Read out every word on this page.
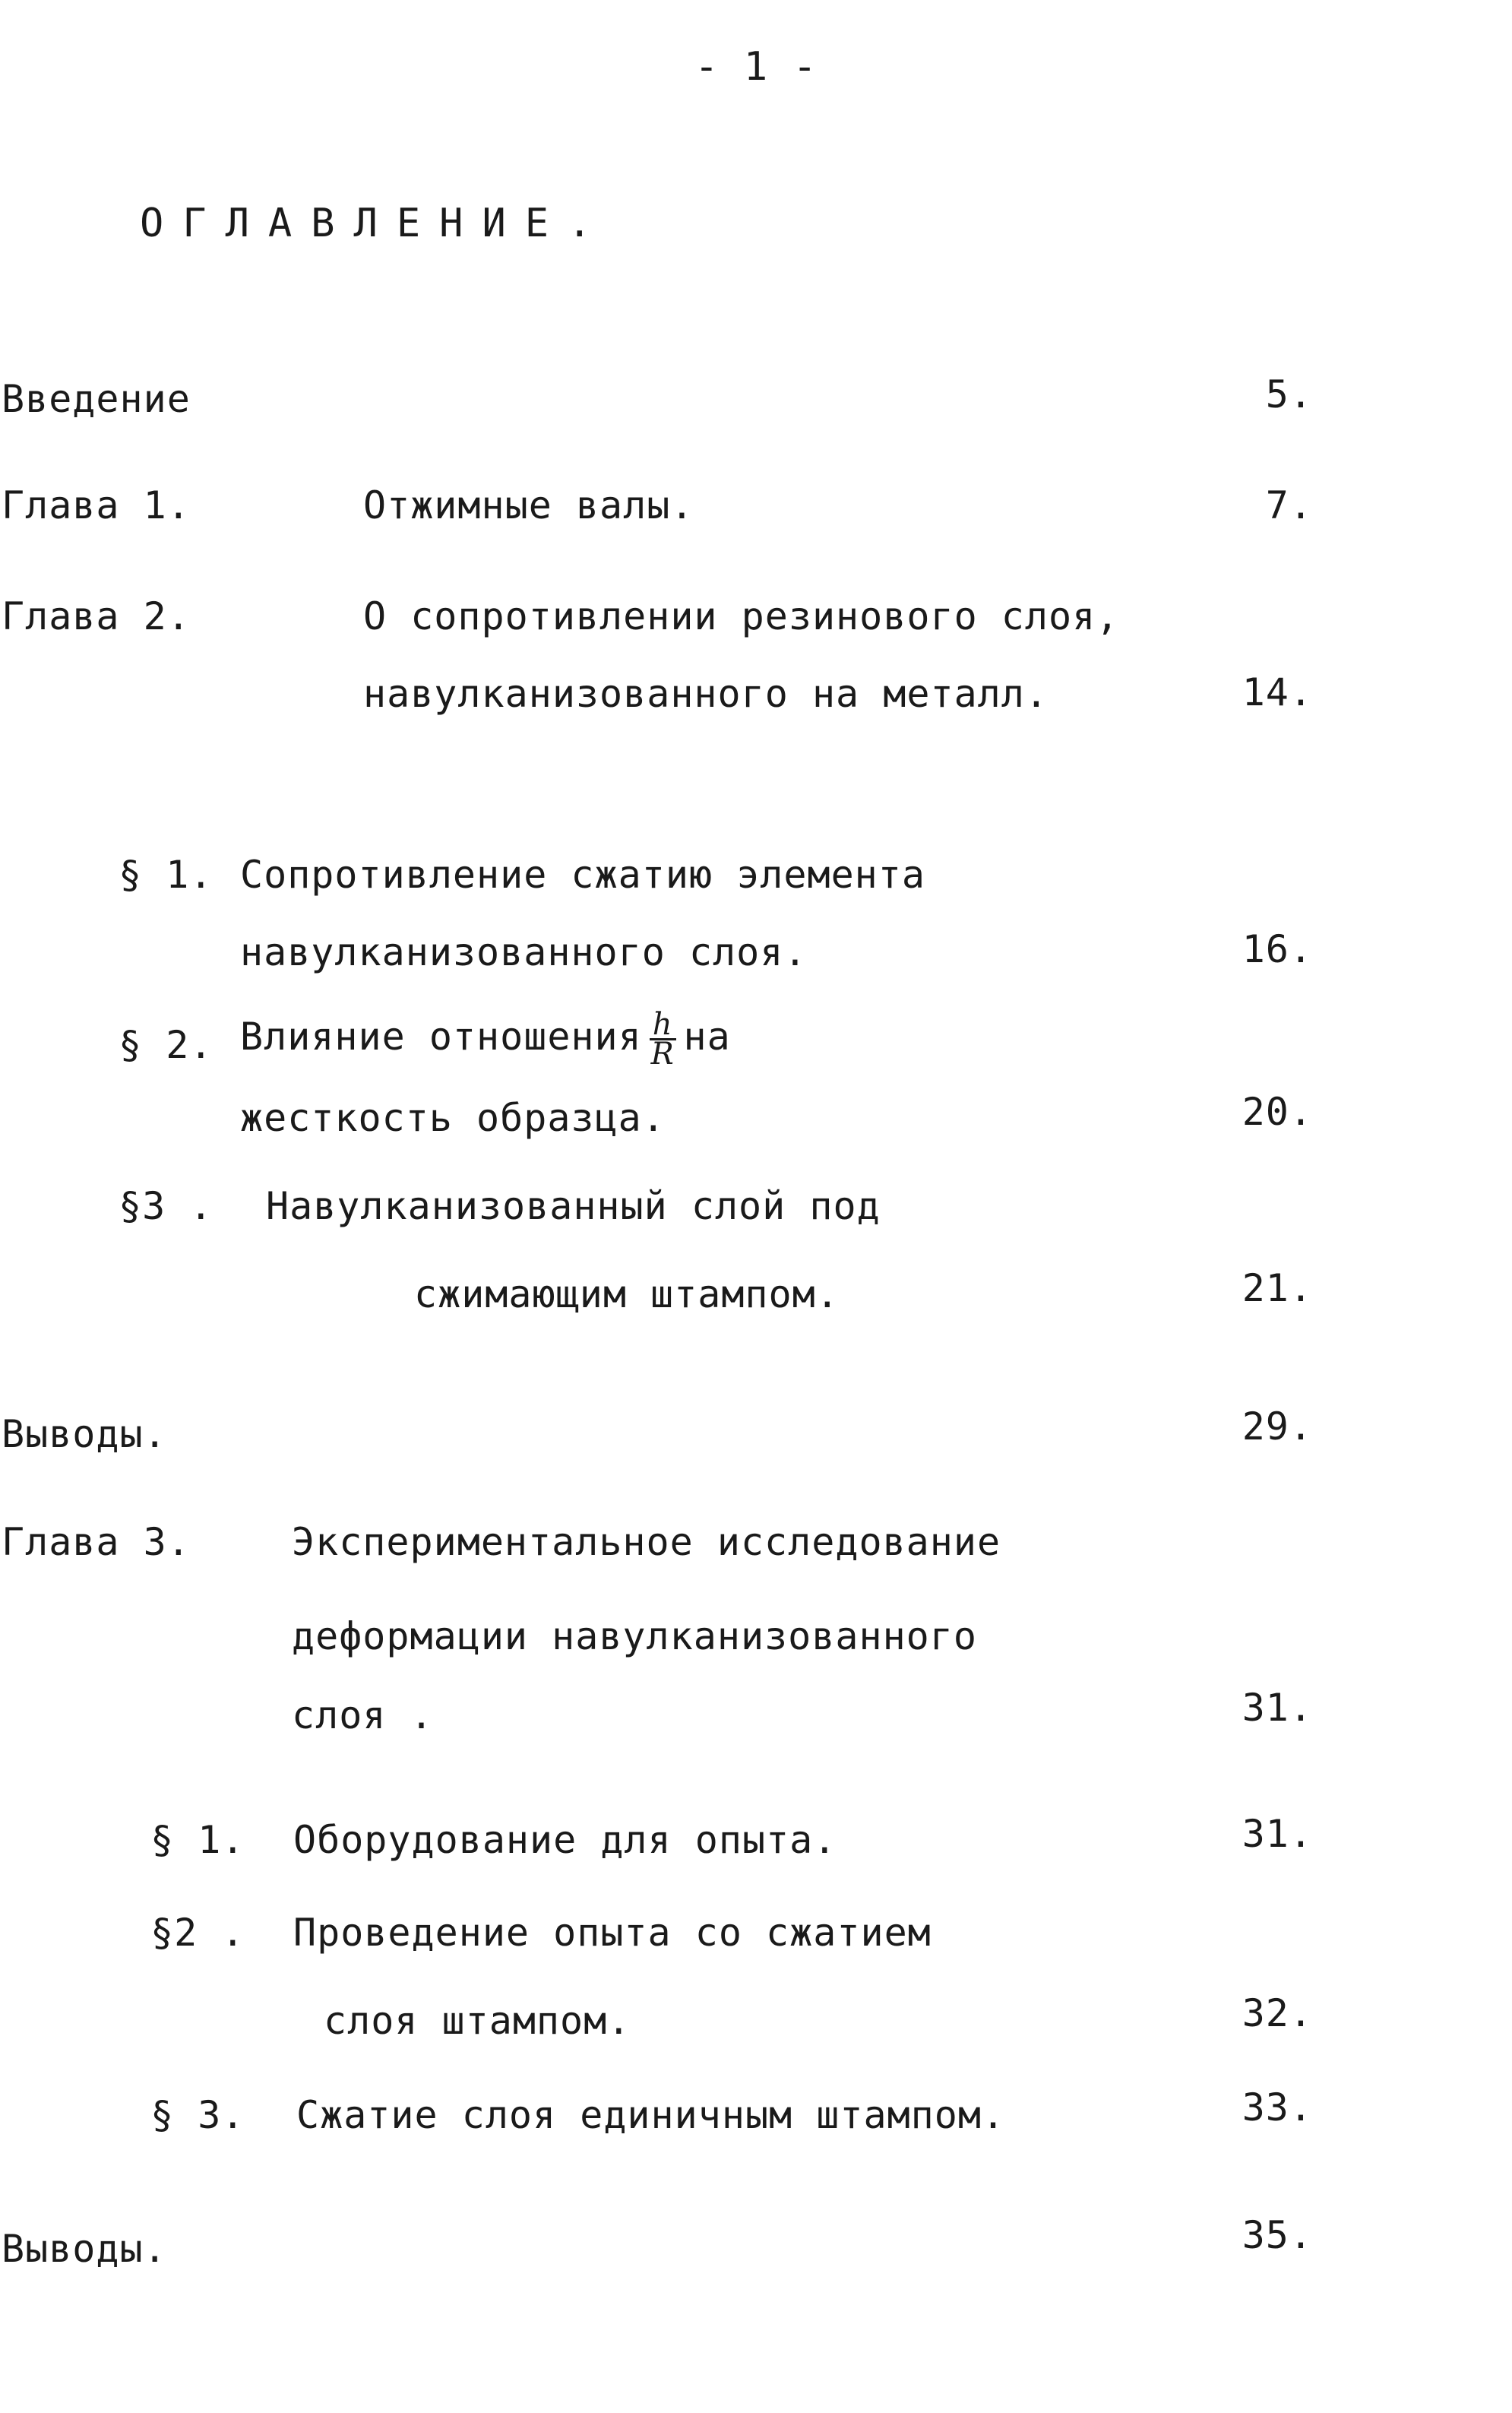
- 1 -
ОГЛАВЛЕНИЕ.
Введение	5.
Глава 1.	Отжимные валы.	7.
Глава 2.	О сопротивлении резинового слоя,
навулканизованного на металл.	14.
§ 1. Сопротивление сжатию элемента
навулканизованного слоя.	16.
§ 2. Влияние отношения $\frac{h}{R}$ на
жесткость образца.	20.
§3 . Навулканизованный слой под
сжимающим штампом.	21.
Выводы.	29.
Глава 3.	Экспериментальное исследование
деформации навулканизованного
слоя .	31.
§ 1. Оборудование для опыта.	31.
§2 . Проведение опыта со сжатием
слоя штампом.	32.
§ 3. Сжатие слоя единичным штампом.	33.
Выводы.	35.
